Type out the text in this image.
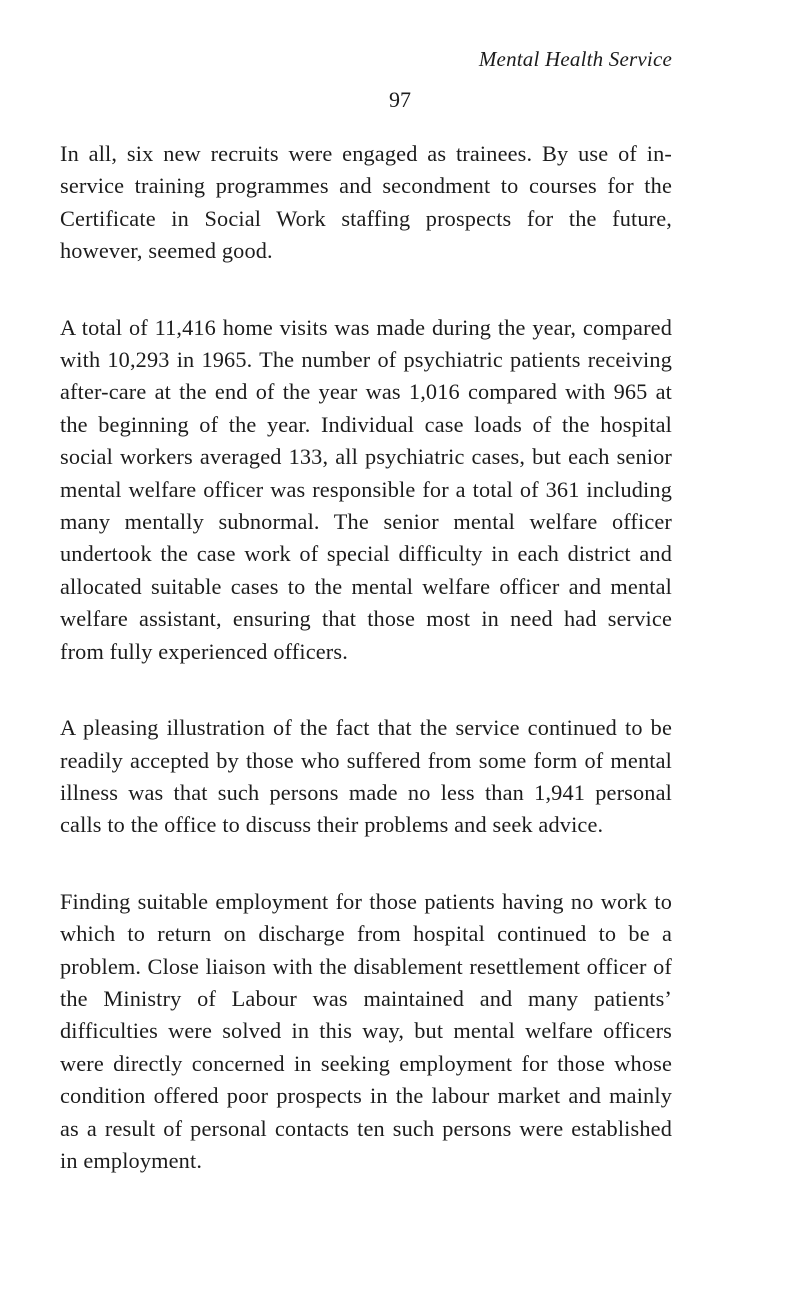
Mental Health Service
97

In all, six new recruits were engaged as trainees. By use of in-service training programmes and secondment to courses for the Certificate in Social Work staffing prospects for the future, however, seemed good.

A total of 11,416 home visits was made during the year, compared with 10,293 in 1965. The number of psychiatric patients receiving after-care at the end of the year was 1,016 compared with 965 at the beginning of the year. Individual case loads of the hospital social workers averaged 133, all psychiatric cases, but each senior mental welfare officer was responsible for a total of 361 including many mentally subnormal. The senior mental welfare officer undertook the case work of special difficulty in each district and allocated suitable cases to the mental welfare officer and mental welfare assistant, ensuring that those most in need had service from fully experienced officers.

A pleasing illustration of the fact that the service continued to be readily accepted by those who suffered from some form of mental illness was that such persons made no less than 1,941 personal calls to the office to discuss their problems and seek advice.

Finding suitable employment for those patients having no work to which to return on discharge from hospital continued to be a problem. Close liaison with the disablement resettlement officer of the Ministry of Labour was maintained and many patients’ difficulties were solved in this way, but mental welfare officers were directly concerned in seeking employment for those whose condition offered poor prospects in the labour market and mainly as a result of personal contacts ten such persons were established in employment.
